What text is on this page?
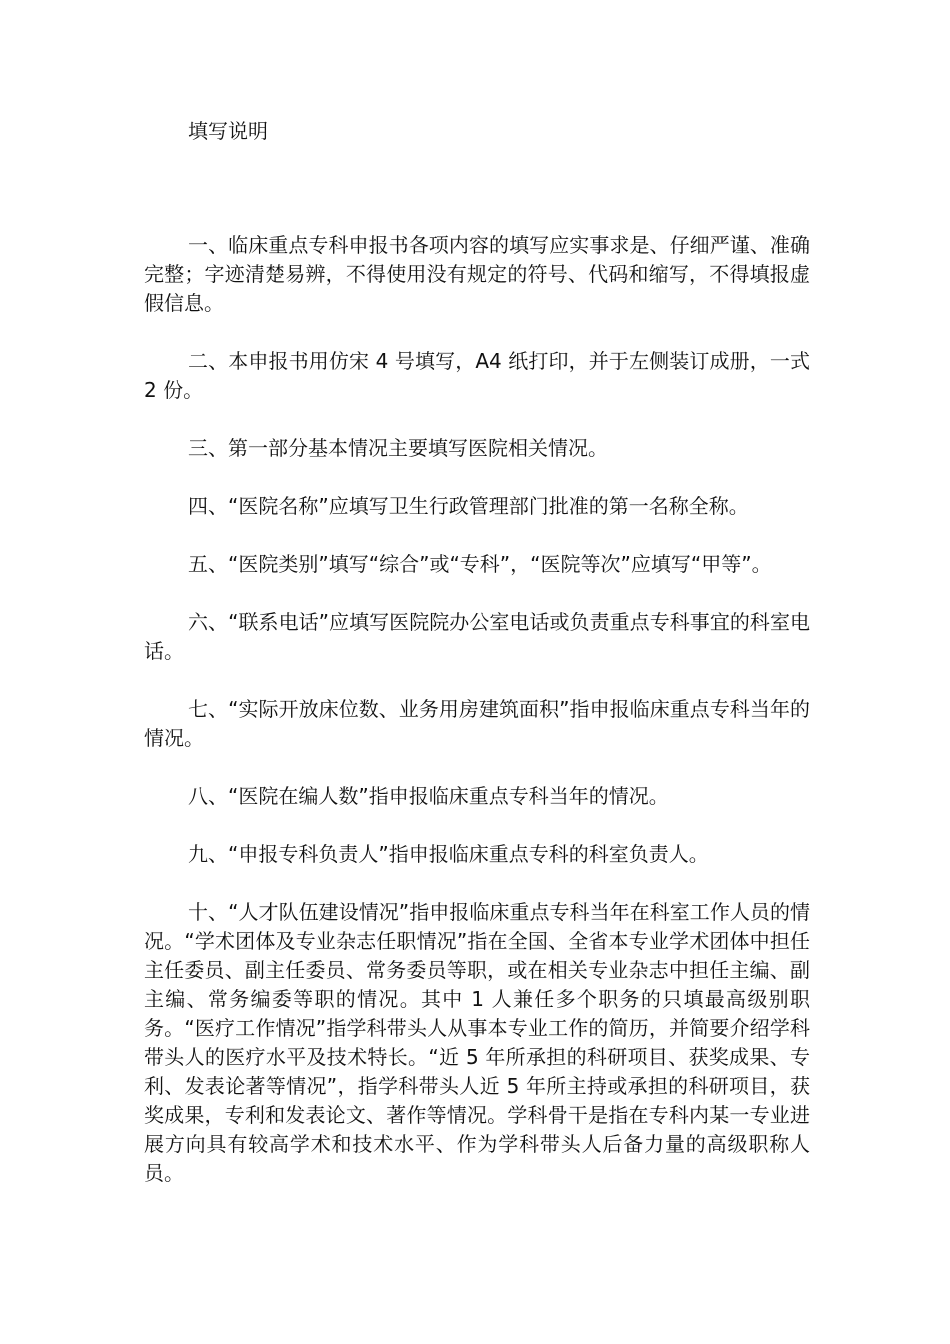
填写说明

一、临床重点专科申报书各项内容的填写应实事求是、仔细严谨、准确完整；字迹清楚易辨，不得使用没有规定的符号、代码和缩写，不得填报虚假信息。

二、本申报书用仿宋 4 号填写，A4 纸打印，并于左侧装订成册，一式 2 份。

三、第一部分基本情况主要填写医院相关情况。

四、“医院名称”应填写卫生行政管理部门批准的第一名称全称。

五、“医院类别”填写“综合”或“专科”，“医院等次”应填写“甲等”。

六、“联系电话”应填写医院院办公室电话或负责重点专科事宜的科室电话。

七、“实际开放床位数、业务用房建筑面积”指申报临床重点专科当年的情况。

八、“医院在编人数”指申报临床重点专科当年的情况。

九、“申报专科负责人”指申报临床重点专科的科室负责人。

十、“人才队伍建设情况”指申报临床重点专科当年在科室工作人员的情况。“学术团体及专业杂志任职情况”指在全国、全省本专业学术团体中担任主任委员、副主任委员、常务委员等职，或在相关专业杂志中担任主编、副主编、常务编委等职的情况。其中 1 人兼任多个职务的只填最高级别职务。“医疗工作情况”指学科带头人从事本专业工作的简历，并简要介绍学科带头人的医疗水平及技术特长。“近 5 年所承担的科研项目、获奖成果、专利、发表论著等情况”，指学科带头人近 5 年所主持或承担的科研项目，获奖成果，专利和发表论文、著作等情况。学科骨干是指在专科内某一专业进展方向具有较高学术和技术水平、作为学科带头人后备力量的高级职称人员。
